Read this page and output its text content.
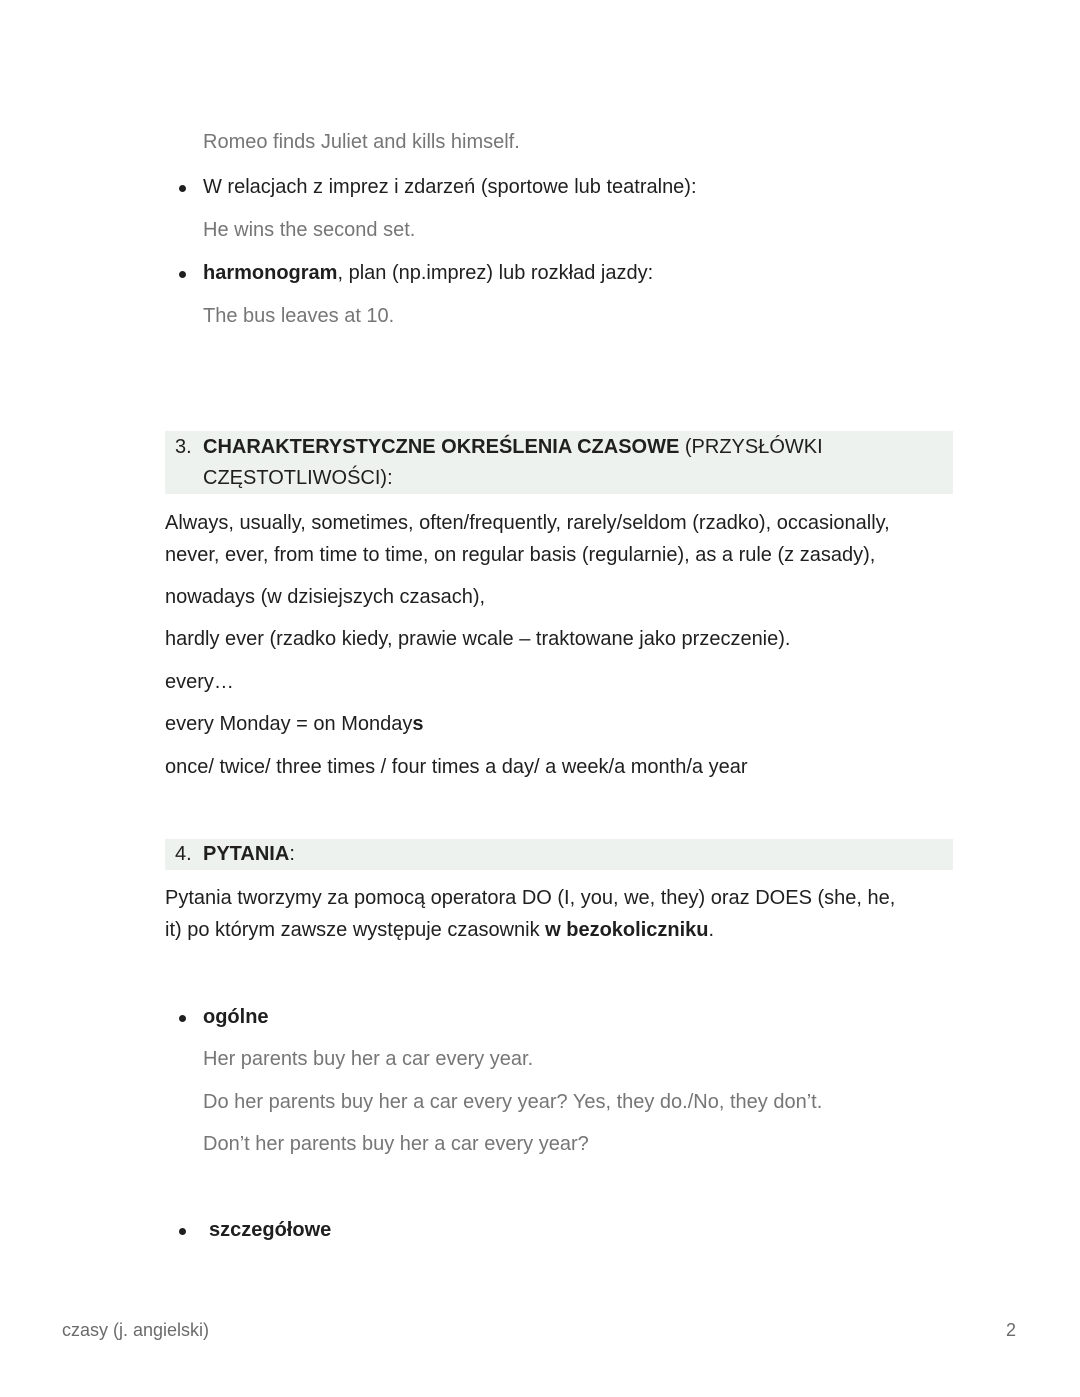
Romeo finds Juliet and kills himself.
W relacjach z imprez i zdarzeń (sportowe lub teatralne):
He wins the second set.
harmonogram, plan (np.imprez) lub rozkład jazdy:
The bus leaves at 10.
3. CHARAKTERYSTYCZNE OKREŚLENIA CZASOWE (PRZYSŁÓWKI
CZĘSTOTLIWOŚCI):
Always, usually, sometimes, often/frequently, rarely/seldom (rzadko), occasionally,
never, ever, from time to time, on regular basis (regularnie), as a rule (z zasady),
nowadays (w dzisiejszych czasach),
hardly ever (rzadko kiedy, prawie wcale – traktowane jako przeczenie).
every…
every Monday = on Mondays
once/ twice/ three times / four times a day/ a week/a month/a year
4. PYTANIA:
Pytania tworzymy za pomocą operatora DO (I, you, we, they) oraz DOES (she, he,
it) po którym zawsze występuje czasownik w bezokoliczniku.
ogólne
Her parents buy her a car every year.
Do her parents buy her a car every year? Yes, they do./No, they don’t.
Don’t her parents buy her a car every year?
szczegółowe
czasy (j. angielski)	2
